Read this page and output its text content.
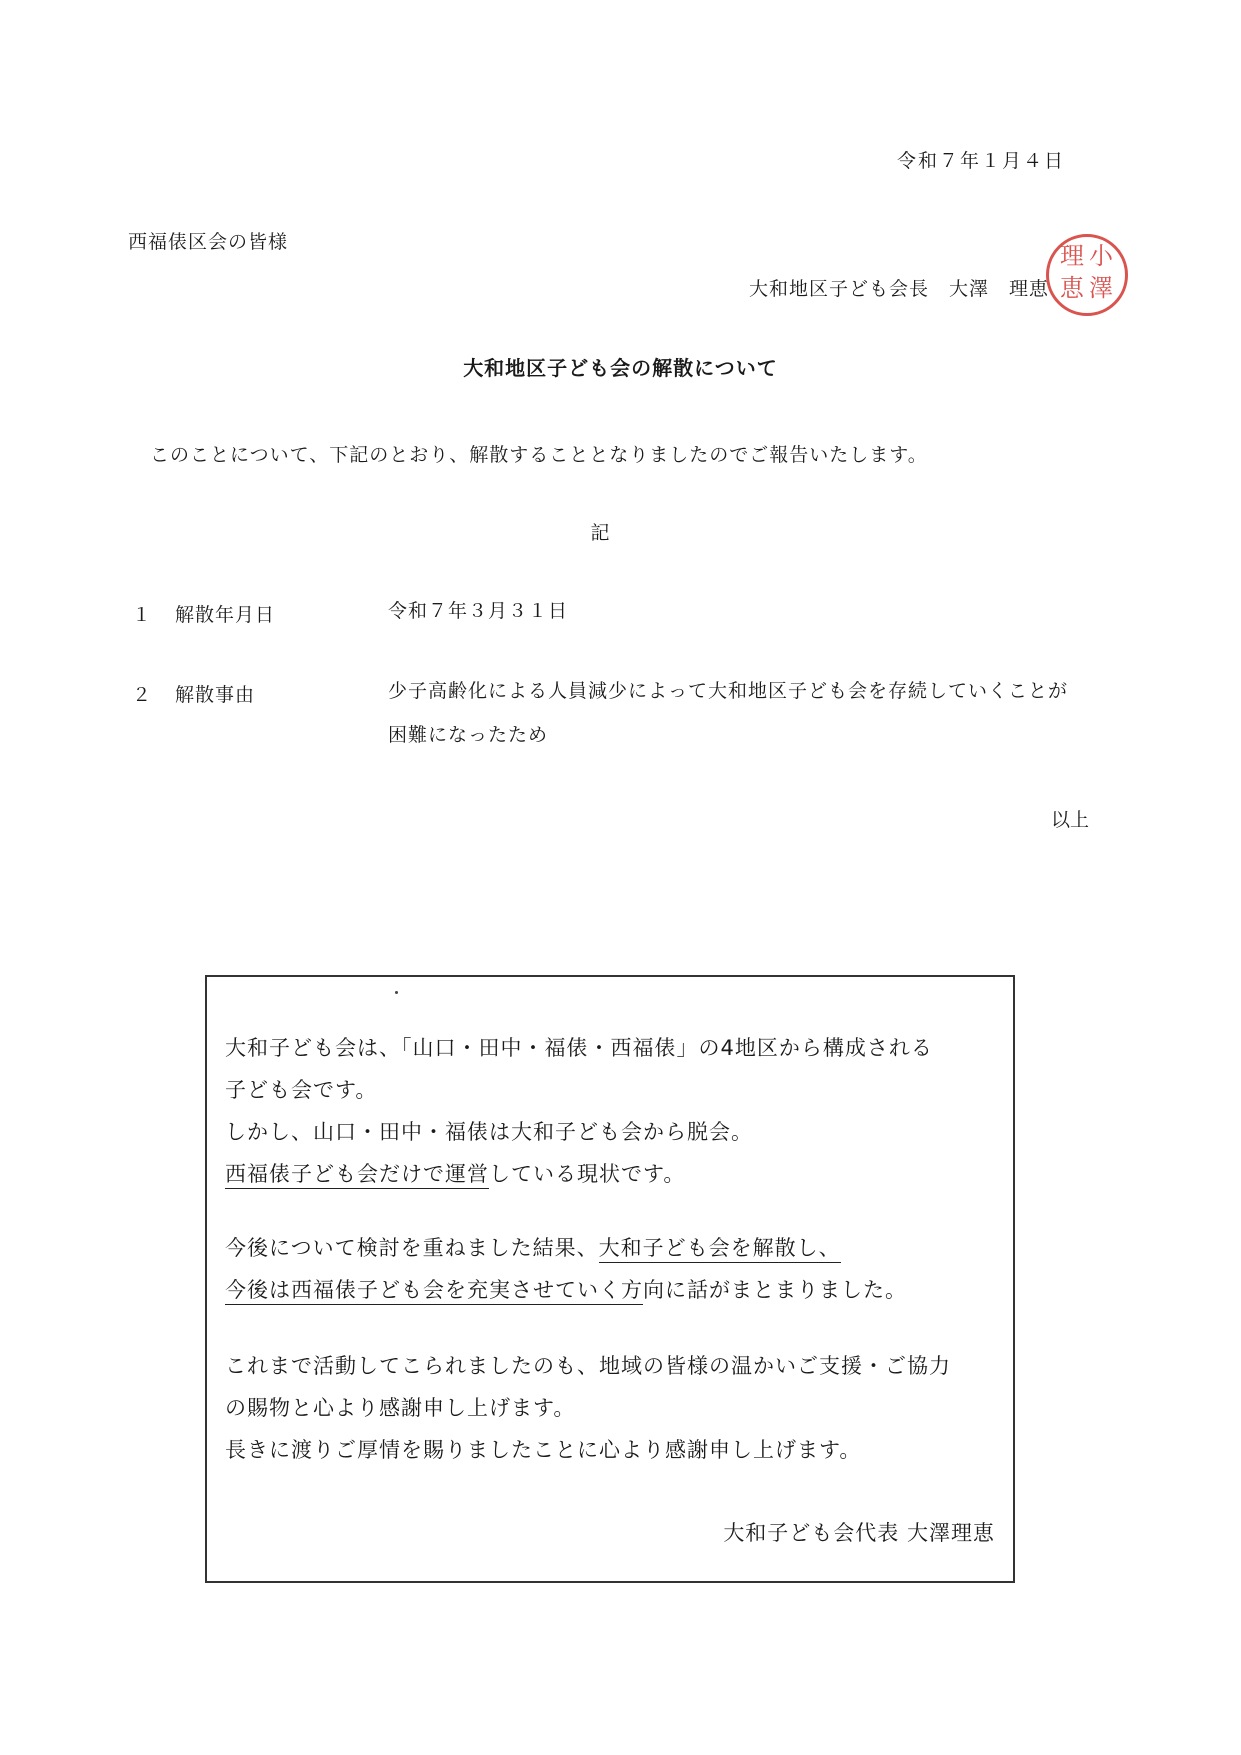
令和７年１月４日
西福俵区会の皆様
大和地区子ども会長　大澤　理恵
小
澤
理
恵
大和地区子ども会の解散について
このことについて、下記のとおり、解散することとなりましたのでご報告いたします。
記
１ 解散年月日	令和７年３月３１日
２ 解散事由	少子高齢化による人員減少によって大和地区子ども会を存続していくことが困難になったため
以上
大和子ども会は、「山口・田中・福俵・西福俵」の4地区から構成される
子ども会です。
しかし、山口・田中・福俵は大和子ども会から脱会。
西福俵子ども会だけで運営している現状です。
今後について検討を重ねました結果、大和子ども会を解散し、
今後は西福俵子ども会を充実させていく方向に話がまとまりました。
これまで活動してこられましたのも、地域の皆様の温かいご支援・ご協力
の賜物と心より感謝申し上げます。
長きに渡りご厚情を賜りましたことに心より感謝申し上げます。
大和子ども会代表 大澤理恵
